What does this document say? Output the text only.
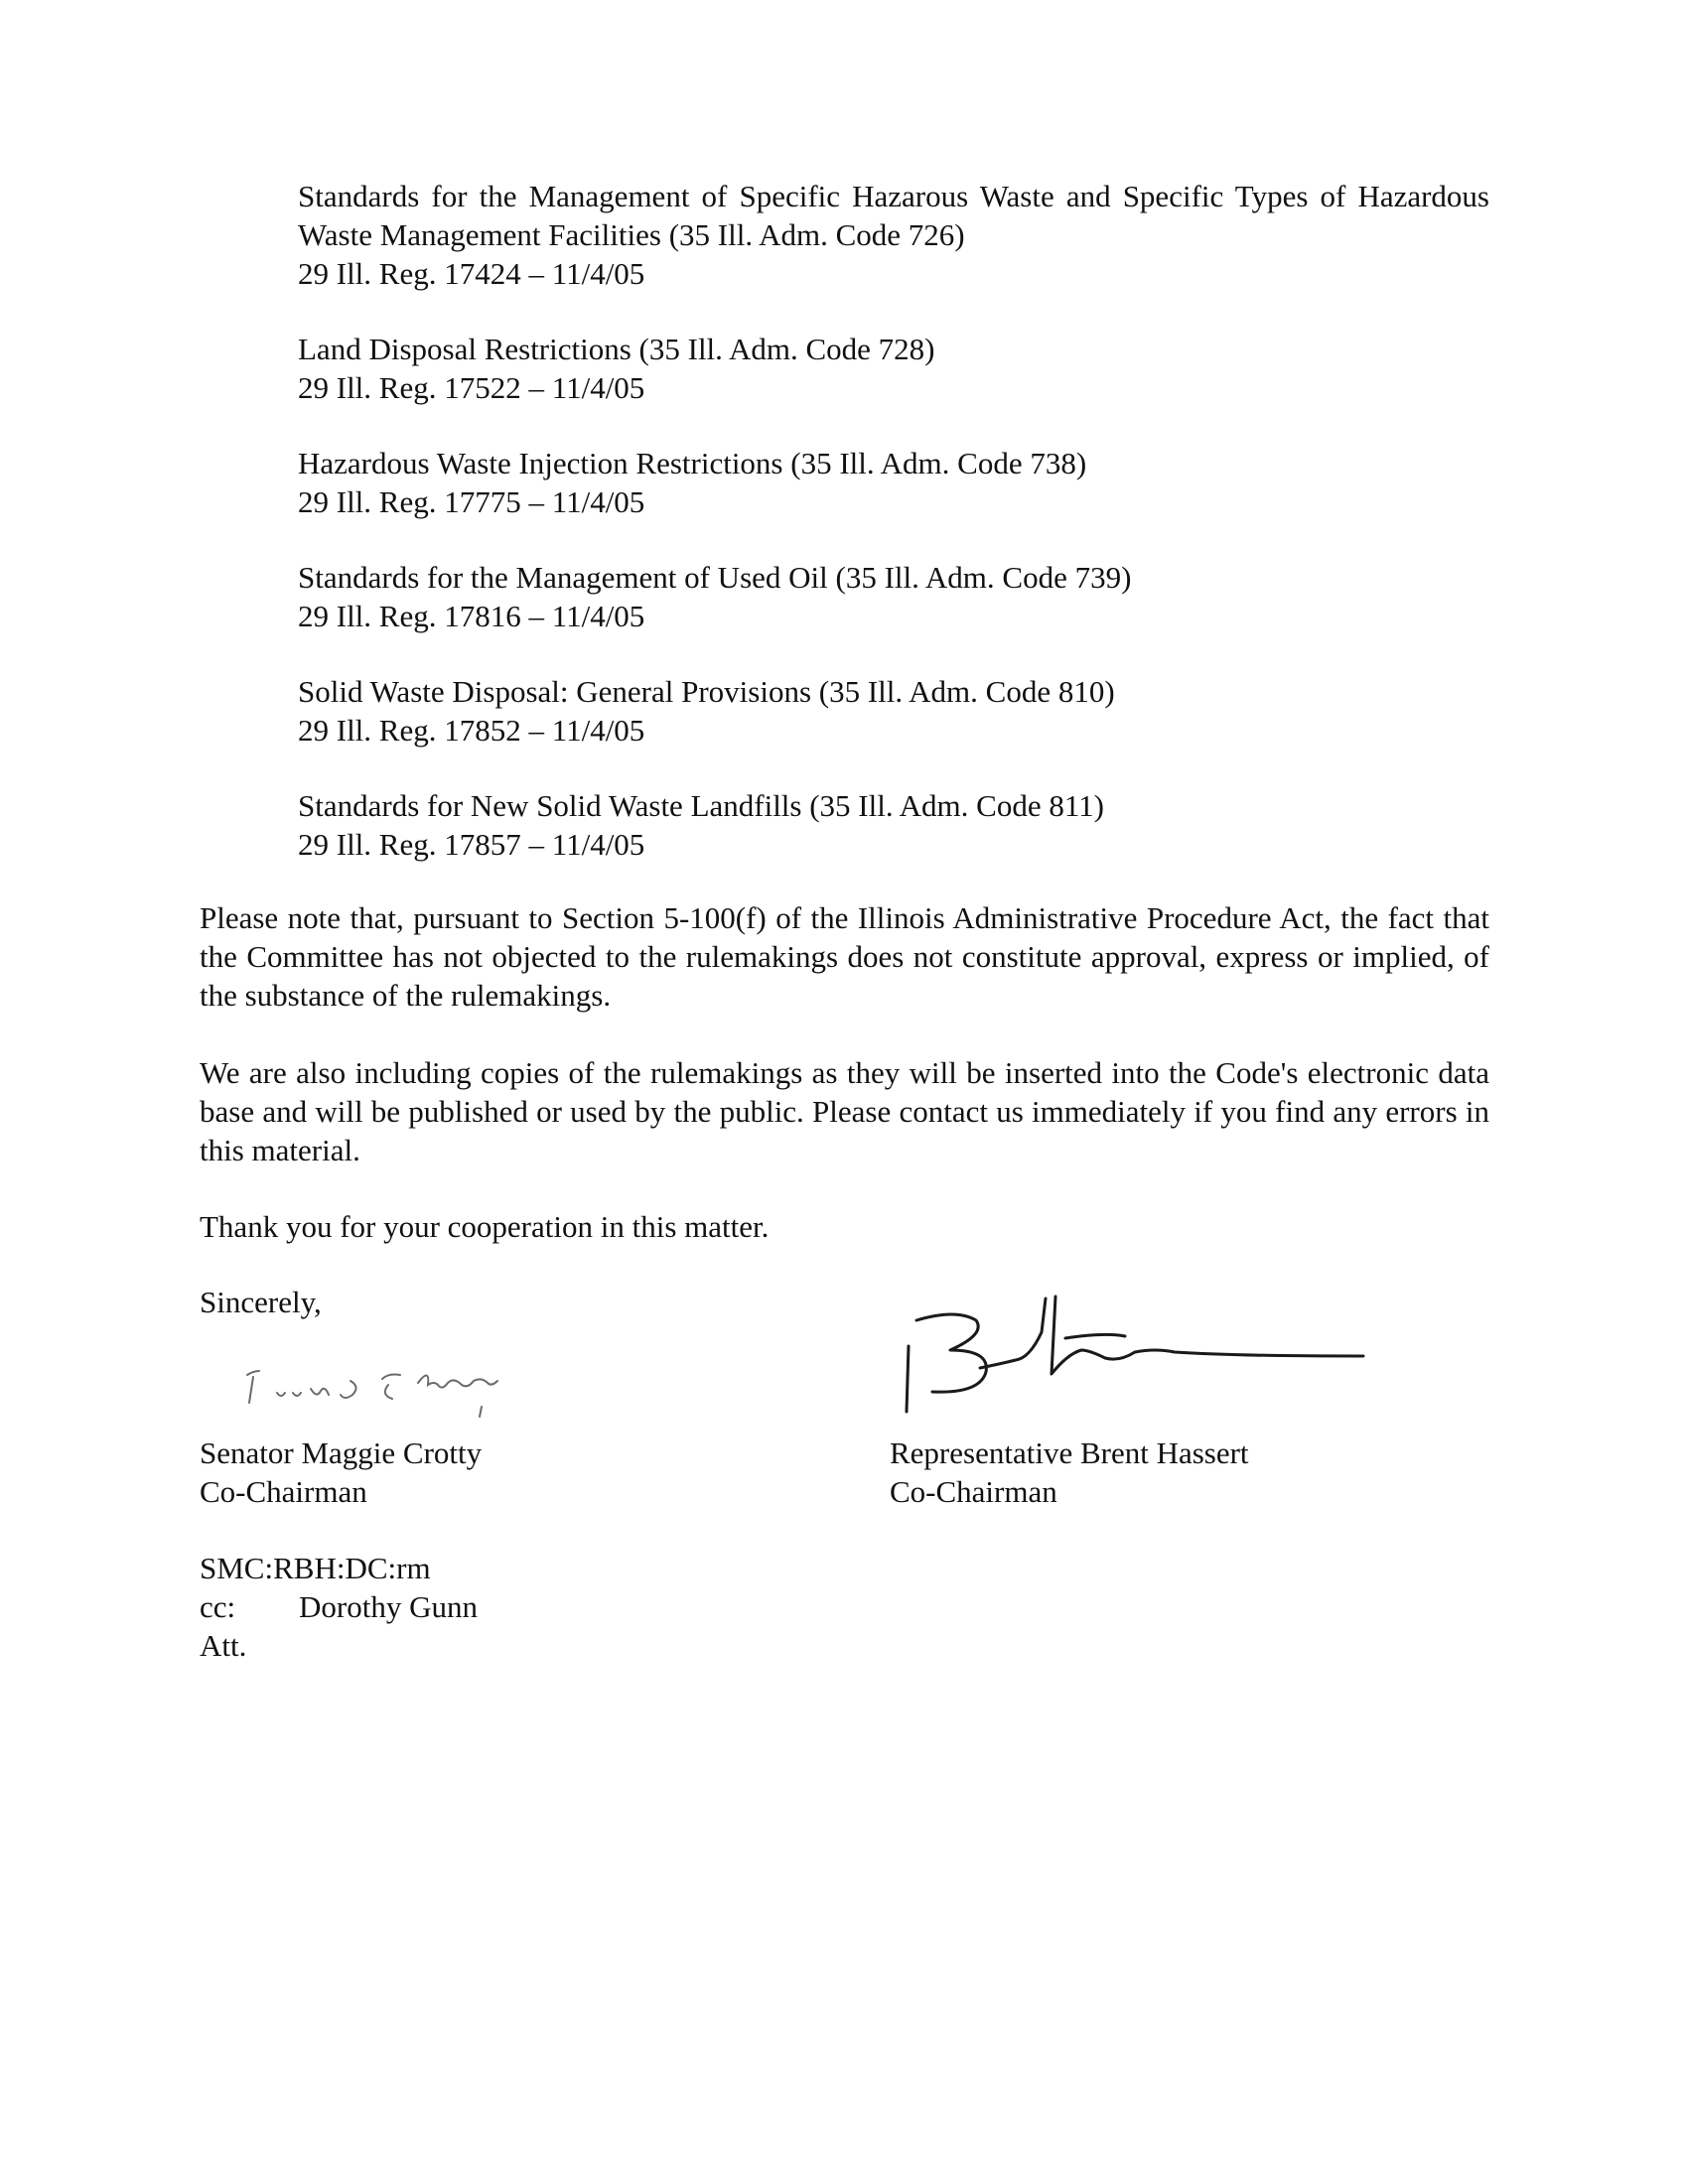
Standards for the Management of Specific Hazarous Waste and Specific Types of Hazardous Waste Management Facilities (35 Ill. Adm. Code 726)
29 Ill. Reg. 17424 – 11/4/05
Land Disposal Restrictions (35 Ill. Adm. Code 728)
29 Ill. Reg. 17522 – 11/4/05
Hazardous Waste Injection Restrictions (35 Ill. Adm. Code 738)
29 Ill. Reg. 17775 – 11/4/05
Standards for the Management of Used Oil (35 Ill. Adm. Code 739)
29 Ill. Reg. 17816 – 11/4/05
Solid Waste Disposal: General Provisions (35 Ill. Adm. Code 810)
29 Ill. Reg. 17852 – 11/4/05
Standards for New Solid Waste Landfills (35 Ill. Adm. Code 811)
29 Ill. Reg. 17857 – 11/4/05

Please note that, pursuant to Section 5-100(f) of the Illinois Administrative Procedure Act, the fact that the Committee has not objected to the rulemakings does not constitute approval, express or implied, of the substance of the rulemakings.

We are also including copies of the rulemakings as they will be inserted into the Code's electronic data base and will be published or used by the public. Please contact us immediately if you find any errors in this material.

Thank you for your cooperation in this matter.

Sincerely,
Senator Maggie Crotty
Co-Chairman
Representative Brent Hassert
Co-Chairman
SMC:RBH:DC:rm
cc:	Dorothy Gunn
Att.
